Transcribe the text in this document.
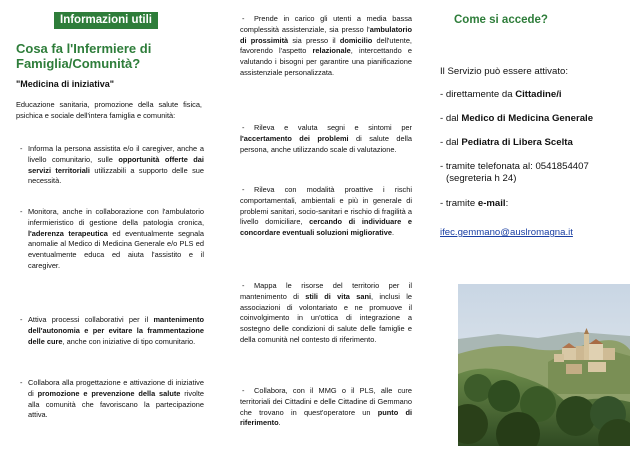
Informazioni utili
Cosa fa l'Infermiere di Famiglia/Comunità?
"Medicina di iniziativa"

Educazione sanitaria, promozione della salute fisica, psichica e sociale dell'intera famiglia e comunità:

- Informa la persona assistita e/o il caregiver, anche a livello comunitario, sulle opportunità offerte dai servizi territoriali utilizzabili a supporto delle sue necessità.

- Monitora, anche in collaborazione con l'ambulatorio infermieristico di gestione della patologia cronica, l'aderenza terapeutica ed eventualmente segnala anomalie al Medico di Medicina Generale e/o PLS ed eventualmente educa ed aiuta l'assistito e il caregiver.

- Attiva processi collaborativi per il mantenimento dell'autonomia e per evitare la frammentazione delle cure, anche con iniziative di tipo comunitario.

- Collabora alla progettazione e attivazione di iniziative di promozione e prevenzione della salute rivolte alla comunità che favoriscano la partecipazione attiva.

-	Prende in carico gli utenti a media bassa complessità assistenziale, sia presso l'ambulatorio di prossimità sia presso il domicilio dell'utente, favorendo l'aspetto relazionale, intercettando e valutando i bisogni per garantire una pianificazione assistenziale personalizzata.

-	Rileva e valuta segni e sintomi per l'accertamento dei problemi di salute della persona, anche utilizzando scale di valutazione.

-	Rileva con modalità proattive i rischi comportamentali, ambientali e più in generale di problemi sanitari, socio-sanitari e rischio di fragilità a livello domiciliare, cercando di individuare e concordare eventuali soluzioni migliorative.

-	Mappa le risorse del territorio per il mantenimento di stili di vita sani, inclusi le associazioni di volontariato e ne promuove il coinvolgimento in un'ottica di integrazione a sostegno delle condizioni di salute delle famiglie e della comunità nel contesto di riferimento.

-	Collabora, con il MMG o il PLS, alle cure territoriali dei Cittadini e delle Cittadine di Gemmano che trovano in quest'operatore un punto di riferimento.

Come si accede?
Il Servizio può essere attivato:
- direttamente da Cittadine/i
- dal Medico di Medicina Generale
- dal Pediatra di Libera Scelta
- tramite telefonata al: 0541854407
(segreteria h 24)
- tramite e-mail:
ifec.gemmano@auslromagna.it
